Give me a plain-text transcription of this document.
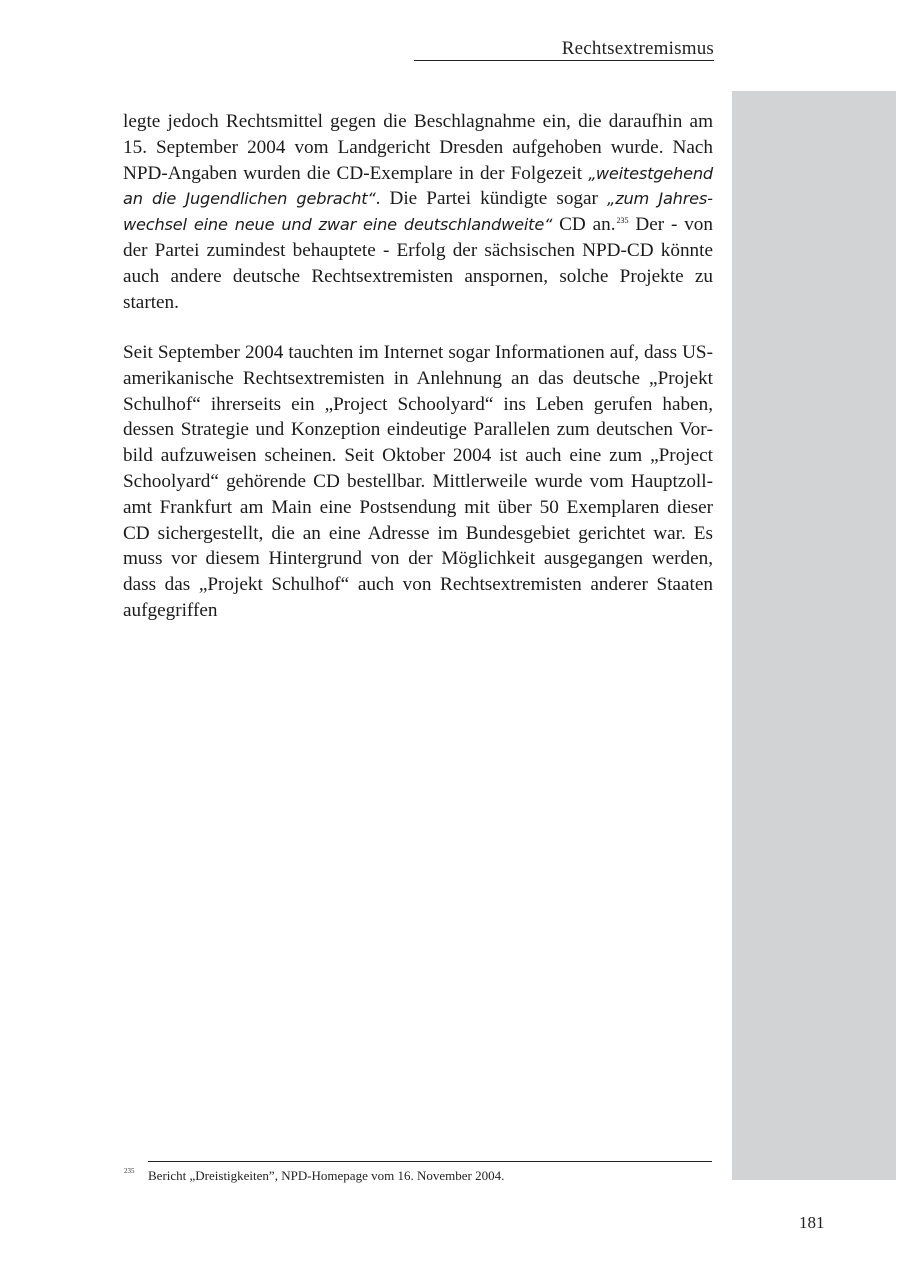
Rechtsextremismus

legte jedoch Rechtsmittel gegen die Beschlagnahme ein, die daraufhin am 15. September 2004 vom Landgericht Dresden aufgehoben wurde. Nach NPD-Angaben wurden die CD-Exemplare in der Folgezeit „weitestgehend an die Jugendlichen gebracht“. Die Partei kündigte sogar „zum Jahreswechsel eine neue und zwar eine deutschlandweite“ CD an.$^{235}$ Der - von der Partei zumindest behauptete - Erfolg der sächsischen NPD-CD könnte auch andere deutsche Rechtsextremisten anspornen, solche Projekte zu starten.

Seit September 2004 tauchten im Internet sogar Informationen auf, dass US-amerikanische Rechtsextremisten in Anlehnung an das deutsche „Projekt Schulhof“ ihrerseits ein „Project Schoolyard“ ins Leben gerufen haben, dessen Strategie und Konzeption eindeutige Parallelen zum deutschen Vorbild aufzuweisen scheinen. Seit Oktober 2004 ist auch eine zum „Project Schoolyard“ gehörende CD bestellbar. Mittlerweile wurde vom Hauptzollamt Frankfurt am Main eine Postsendung mit über 50 Exemplaren dieser CD sichergestellt, die an eine Adresse im Bundesgebiet gerichtet war. Es muss vor diesem Hintergrund von der Möglichkeit ausgegangen werden, dass das „Projekt Schulhof“ auch von Rechtsextremisten anderer Staaten aufgegriffen

235 Bericht „Dreistigkeiten”, NPD-Homepage vom 16. November 2004.
181
